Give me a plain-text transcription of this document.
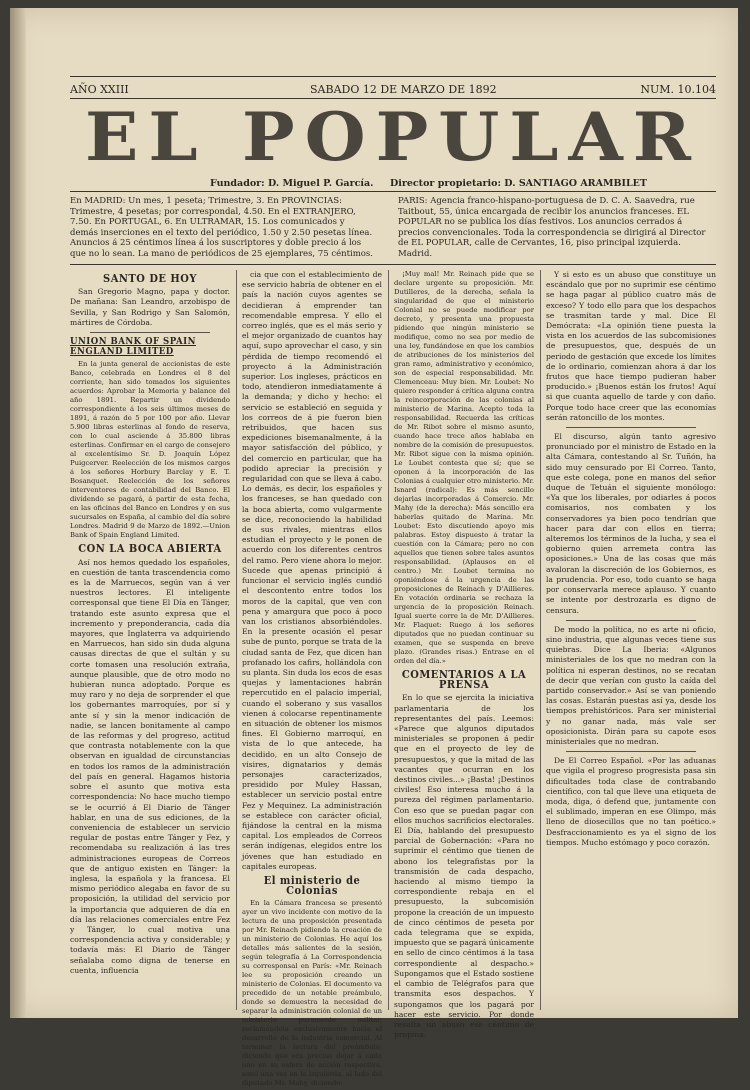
AÑO XXIII	SABADO 12 DE MARZO DE 1892	NUM. 10.104
EL POPULAR
Fundador: D. Miguel P. García. Director propietario: D. SANTIAGO ARAMBILET
En MADRID: Un mes, 1 peseta; Trimestre, 3. En PROVINCIAS: Trimestre, 4 pesetas; por correspondal, 4.50. En el EXTRANJERO, 7.50. En PORTUGAL, 6. En ULTRAMAR, 15. Los comunicados y demás inserciones en el texto del periódico, 1.50 y 2.50 pesetas línea. Anuncios á 25 céntimos línea á los suscriptores y doble precio á los que no lo sean. La mano de periódicos de 25 ejemplares, 75 céntimos.
PARIS: Agencia franco-hispano-portuguesa de D. C. A. Saavedra, rue Taitbout, 55, única encargada de recibir los anuncios franceses. EL POPULAR no se publica los días festivos. Los anuncios cerrados á precios convencionales. Toda la correspondencia se dirigirá al Director de EL POPULAR, calle de Cervantes, 16, piso principal izquierda. Madrid.
SANTO DE HOY

San Gregorio Magno, papa y doctor. De mañana: San Leandro, arzobispo de Sevilla, y San Rodrigo y San Salomón, mártires de Córdoba.

UNION BANK OF SPAIN ENGLAND LIMITED

En la junta general de accionistas de este Banco, celebrada en Londres el 8 del corriente, han sido tomados los siguientes acuerdos: Aprobar la Memoria y balance del año 1891. Repartir un dividendo correspondiente á los seis últimos meses de 1891, á razón de 5 por 100 por año. Llevar 5.900 libras esterlinas al fondo de reserva, con lo cual asciende á 35.800 libras esterlinas. Confirmar en el cargo de consejero al excelentísimo Sr. D. Joaquín López Puigcerver. Reelección de los mismos cargos á los señores Horbury Barclay y E. T. Bosanquet. Reelección de los señores interventores de contabilidad del Banco. El dividendo se pagará, á partir de esta fecha, en las oficinas del Banco en Londres y en sus sucursales en España, al cambio del día sobre Londres. Madrid 9 de Marzo de 1892.—Union Bank of Spain England Limited.

CON LA BOCA ABIERTA

Así nos hemos quedado los españoles, en cuestión de tanta trascendencia como es la de Marruecos, según van á ver nuestros lectores. El inteligente corresponsal que tiene El Día en Tánger, tratando este asunto expresa que el incremento y preponderancia, cada día mayores, que Inglaterra va adquiriendo en Marruecos, han sido sin duda alguna causas directas de que el sultán y su corte tomasen una resolución extraña, aunque plausible, que de otro modo no hubieran nunca adoptado. Porque es muy raro y no deja de sorprender el que los gobernantes marroquíes, por sí y ante sí y sin la menor indicación de nadie, se lancen bonitamente al campo de las reformas y del progreso, actitud que contrasta notablemente con la que observan en igualdad de circunstancias en todos los ramos de la administración del país en general. Hagamos historia sobre el asunto que motiva esta correspondencia: No hace mucho tiempo se le ocurrió á El Diario de Tánger hablar, en una de sus ediciones, de la conveniencia de establecer un servicio regular de postas entre Tánger y Fez, y recomendaba su realización á las tres administraciones europeas de Correos que de antiguo existen en Tánger: la inglesa, la española y la francesa. El mismo periódico alegaba en favor de su proposición, la utilidad del servicio por la importancia que adquieren de día en día las relaciones comerciales entre Fez y Tánger, lo cual motiva una correspondencia activa y considerable; y todavía más: El Diario de Tánger señalaba como digna de tenerse en cuenta, influencia

cia que con el establecimiento de ese servicio habría de obtener en el país la nación cuyos agentes se decidieran á emprender tan recomendable empresa. Y ello el correo inglés, que es el más serio y el mejor organizado de cuantos hay aquí, supo aprovechar el caso, y sin pérdida de tiempo recomendó el proyecto á la Administración superior. Los ingleses, prácticos en todo, atendieron inmediatamente á la demanda; y dicho y hecho: el servicio se estableció en seguida y los correos de á pie fueron bien retribuidos, que hacen sus expediciones bisemanalmente, á la mayor satisfacción del público, y del comercio en particular, que ha podido apreciar la precisión y regularidad con que se lleva á cabo. Lo demás, es decir, los españoles y los franceses, se han quedado con la boca abierta, como vulgarmente se dice, reconociendo la habilidad de sus rivales, mientras ellos estudian el proyecto y le ponen de acuerdo con los diferentes centros del ramo. Pero viene ahora lo mejor. Sucede que apenas principió á funcionar el servicio inglés cundió el descontento entre todos los moros de la capital, que ven con pena y amargura que poco á poco van los cristianos absorbiéndoles. En la presente ocasión el pesar sube de punto, porque se trata de la ciudad santa de Fez, que dicen han profanado los cafirs, hollándola con su planta. Sin duda los ecos de esas quejas y lamentaciones habrán repercutido en el palacio imperial, cuando el soberano y sus vasallos vienen á colocarse repentinamente en situación de obtener los mismos fines. El Gobierno marroquí, en vista de lo que antecede, ha decidido, en un alto Consejo de visires, dignatarios y demás personajes caracterizados, presidido por Muley Hassan, establecer un servicio postal entre Fez y Mequinez. La administración se establece con carácter oficial, fijándose la central en la misma capital. Los empleados de Correos serán indígenas, elegidos entre los jóvenes que han estudiado en capitales europeas.

El ministerio de Colonias

En la Cámara francesa se presentó ayer un vivo incidente con motivo de la lectura de una proposición presentada por Mr. Reinach pidiendo la creación de un ministerio de Colonias. He aquí los detalles más salientes de la sesión, según telegrafía á La Correspondencia su corresponsal en París: «Mr. Reinach lee su proposición creando un ministerio de Colonias. El documento va precedido de un notable preámbulo, donde se demuestra la necesidad de separar la administración colonial de un ministerio puramente militar, reclamándola exclusivamente hacia el desarrollo de la industria comercial. Al terminar la lectura del preámbulo, diciendo que era preciso dejar á cada uno en su esfera de acción respectiva, sonó una voz en la izquierda, al lado del diputado Mr. Mahy, diciendo:

¡Muy mal! Mr. Reinach pide que se declare urgente su proposición. Mr. Dutilleres, de la derecha, señala la singularidad de que el ministerio Colonial no se puede modificar por decreto, y presenta una propuesta pidiendo que ningún ministerio se modifique, como no sea por medio de una ley, fundándose en que los cambios de atribuciones de los ministerios del gran ramo, administrativo y económico, son de especial responsabilidad. Mr. Clemenceau: Muy bien. Mr. Loubet: No quiero responder á crítica alguna contra la reincorporación de las colonias al ministerio de Marina. Acepto toda la responsabilidad. Recuerda las críticas de Mr. Ribot sobre el mismo asunto, cuando hace trece años hablaba en nombre de la comisión de presupuestos. Mr. Ribot sigue con la misma opinión. Le Loubet contesta que sí; que se oponen á la incorporación de las Colonias á cualquier otro ministerio. Mr. Isnard (radical): Es más sencillo dejarlas incorporadas á Comercio. Mr. Mahy (de la derecha): Más sencillo era haberlas quitado de Marina. Mr. Loubet: Esto discutiendo apoyo mis palabras. Estoy dispuesto á tratar la cuestión con la Cámara; pero no con aquellos que tienen sobre tales asuntos responsabilidad. (Aplausos en el centro.) Mr. Loubet termina no oponiéndose á la urgencia de las proposiciones de Reinach y D'Aillieres. En votación ordinaria se rechaza la urgencia de la proposición Reinach. Igual suerte corre la de Mr. D'Aillieres. Mr. Flaquet: Ruego á los señores diputados que no puedan continuar su examen, que se suspenda en breve plazo. (Grandes risas.) Entrase en el orden del día.»

COMENTARIOS A LA PRENSA

En lo que se ejercita la iniciativa parlamentaria de los representantes del país. Leemos: «Parece que algunos diputados ministeriales se proponen á pedir que en el proyecto de ley de presupuestos, y que la mitad de las vacantes que ocurran en los destinos civiles...» ¡Basta! ¡Destinos civiles! Eso interesa mucho á la pureza del régimen parlamentario. Con eso que se puedan pagar con ellos muchos sacrificios electorales. El Día, hablando del presupuesto parcial de Gobernación: «Para no suprimir el céntimo que tienen de abono los telegrafistas por la transmisión de cada despacho, haciendo al mismo tiempo la correspondiente rebaja en el presupuesto, la subcomisión propone la creación de un impuesto de cinco céntimos de peseta por cada telegrama que se expida, impuesto que se pagará únicamente en sello de cinco céntimos á la tasa correspondiente al despacho.» Supongamos que el Estado sostiene el cambio de Telégrafos para que transmita esos despachos. Y supongamos que los pagará por hacer este servicio. Por donde resulta un abuso ese céntimo de propina.

Y si esto es un abuso que constituye un escándalo que por no suprimir ese céntimo se haga pagar al público cuatro más de exceso? Y todo ello para que los despachos se trasmitan tarde y mal. Dice El Demócrata: «La opinión tiene puesta la vista en los acuerdos de las subcomisiones de presupuestos, que, después de un periodo de gestación que excede los límites de lo ordinario, comienzan ahora á dar los frutos que hace tiempo pudieran haber producido.» ¡Buenos están los frutos! Aquí si que cuanta aquello de tarde y con daño. Porque todo hace creer que las economías serán ratoncillo de los montes.

El discurso, algún tanto agresivo pronunciado por el ministro de Estado en la alta Cámara, contestando al Sr. Tuñón, ha sido muy censurado por El Correo. Tanto, que este colega, pone en manos del señor duque de Tetuán el siguiente monólogo: «Ya que los liberales, por odiarles á pocos comisarios, nos combaten y los conservadores ya bien poco tendrían que hacer para dar con ellos en tierra; alteremos los términos de la lucha, y sea el gobierno quien arremeta contra las oposiciones.» Una de las cosas que más avaloran la discreción de los Gobiernos, es la prudencia. Por eso, todo cuanto se haga por conservarla merece aplauso. Y cuanto se intente por destrozarla es digno de censura.

De modo la política, no es arte ni oficio, sino industria, que algunas veces tiene sus quiebras. Dice La Iberia: «Algunos ministeriales de los que no medran con la política ni esperan destinos, no se recatan de decir que verían con gusto la caída del partido conservador.» Así se van poniendo las cosas. Estarán puestas así ya, desde los tiempos prehistóricos. Para ser ministerial y no ganar nada, más vale ser oposicionista. Dirán para su capote esos ministeriales que no medran.

De El Correo Español. «Por las aduanas que vigila el progreso progresista pasa sin dificultades toda clase de contrabando científico, con tal que lleve una etiqueta de moda, diga, ó defend que, juntamente con el sublimado, imperan en ese Olimpo, más lleno de diosecillos que no tan poético.» Desfraccionamiento es ya el signo de los tiempos. Mucho estómago y poco corazón.
